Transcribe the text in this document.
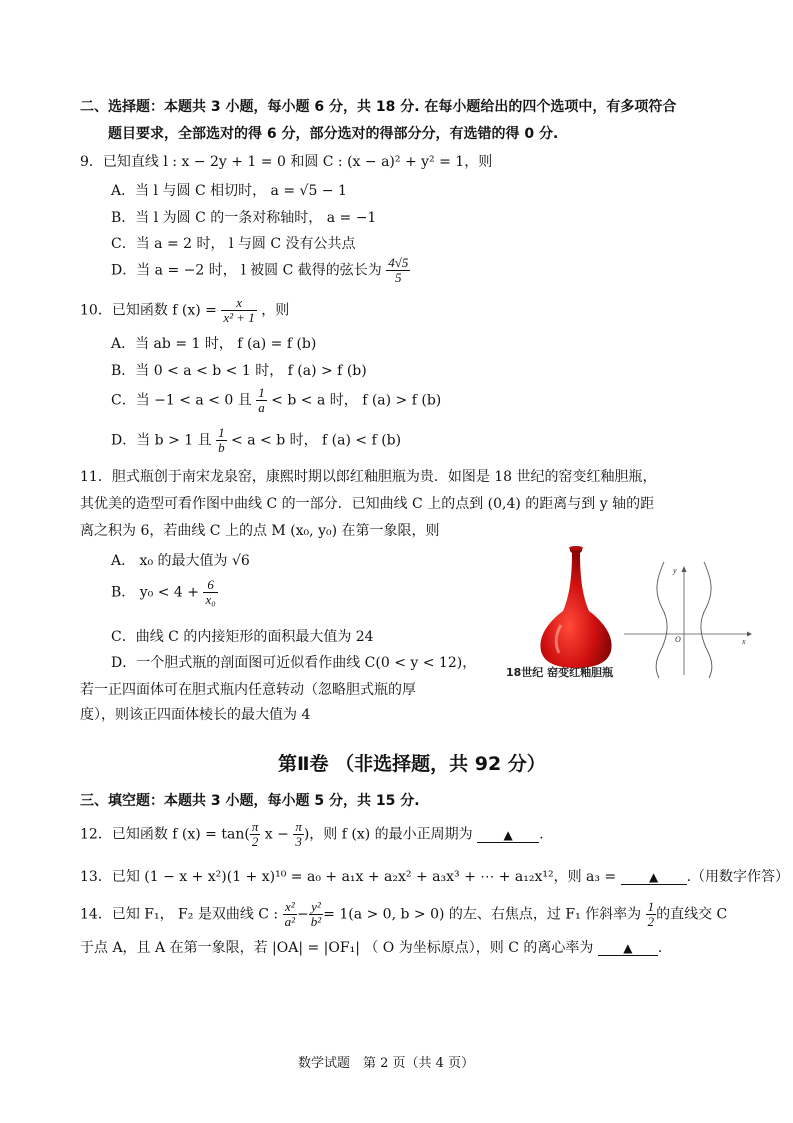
二、选择题：本题共 3 小题，每小题 6 分，共 18 分. 在每小题给出的四个选项中，有多项符合
题目要求，全部选对的得 6 分，部分选对的得部分分，有选错的得 0 分.
9．已知直线 l : x − 2y + 1 = 0 和圆 C : (x − a)² + y² = 1，则
A．当 l 与圆 C 相切时， a = √5 − 1
B．当 l 为圆 C 的一条对称轴时， a = −1
C．当 a = 2 时， l 与圆 C 没有公共点
D．当 a = −2 时， l 被圆 C 截得的弦长为 $\frac{4√5}{5}$
10．已知函数 f $(x) = \frac{x}{\text{x² + 1}}$ ，则
A．当 ab = 1 时， f (a) = f (b)
B．当 0 < a < b < 1 时， f (a) > f (b)
C．当 −1 < a < 0 且 $\frac{1}{a} < b < a$ 时， f (a) > f (b)
D．当 b > 1 且 $\frac{1}{b} < a < b$ 时， f (a) < f (b)
11．胆式瓶创于南宋龙泉窑，康熙时期以郎红釉胆瓶为贵．如图是 18 世纪的窑变红釉胆瓶，
其优美的造型可看作图中曲线 C 的一部分．已知曲线 C 上的点到 (0,4) 的距离与到 y 轴的距
离之积为 6，若曲线 C 上的点 M (x₀, y₀) 在第一象限，则
A． x₀ 的最大值为 √6
B． $y_0 < 4 + \frac{6}{\text{x₀}}$
C．曲线 C 的内接矩形的面积最大值为 24
D．一个胆式瓶的剖面图可近似看作曲线 C(0 < y < 12)，
若一正四面体可在胆式瓶内任意转动（忽略胆式瓶的厚
度），则该正四面体棱长的最大值为 4
18世纪 窑变红釉胆瓶
y
x
O
第Ⅱ卷 （非选择题，共 92 分）
三、填空题：本题共 3 小题，每小题 5 分，共 15 分.
12．已知函数 f $(x) = \tan( \frac{\pi}{2}$ $x - \frac{\pi}{3}$ )，则 f (x) 的最小正周期为	▲ .
13．已知 (1 − x + x²)(1 + x)¹⁰ = a₀ + a₁x + a₂x² + a₃x³ + ⋯ + a₁₂x¹²，则 a₃ =	▲ .（用数字作答）
14．已知 F₁， F₂ 是双曲线 C : $\frac{\text{x²}}{\text{a²}} - \frac{\text{y²}}{\text{b²}} = 1(a > 0$, b > 0) 的左、右焦点，过 F₁ 作斜率为 $\frac{1}{2}$ 的直线交 C
于点 A，且 A 在第一象限，若 |OA| = |OF₁| （ O 为坐标原点），则 C 的离心率为 ▲ .
数学试题　第 2 页（共 4 页）
